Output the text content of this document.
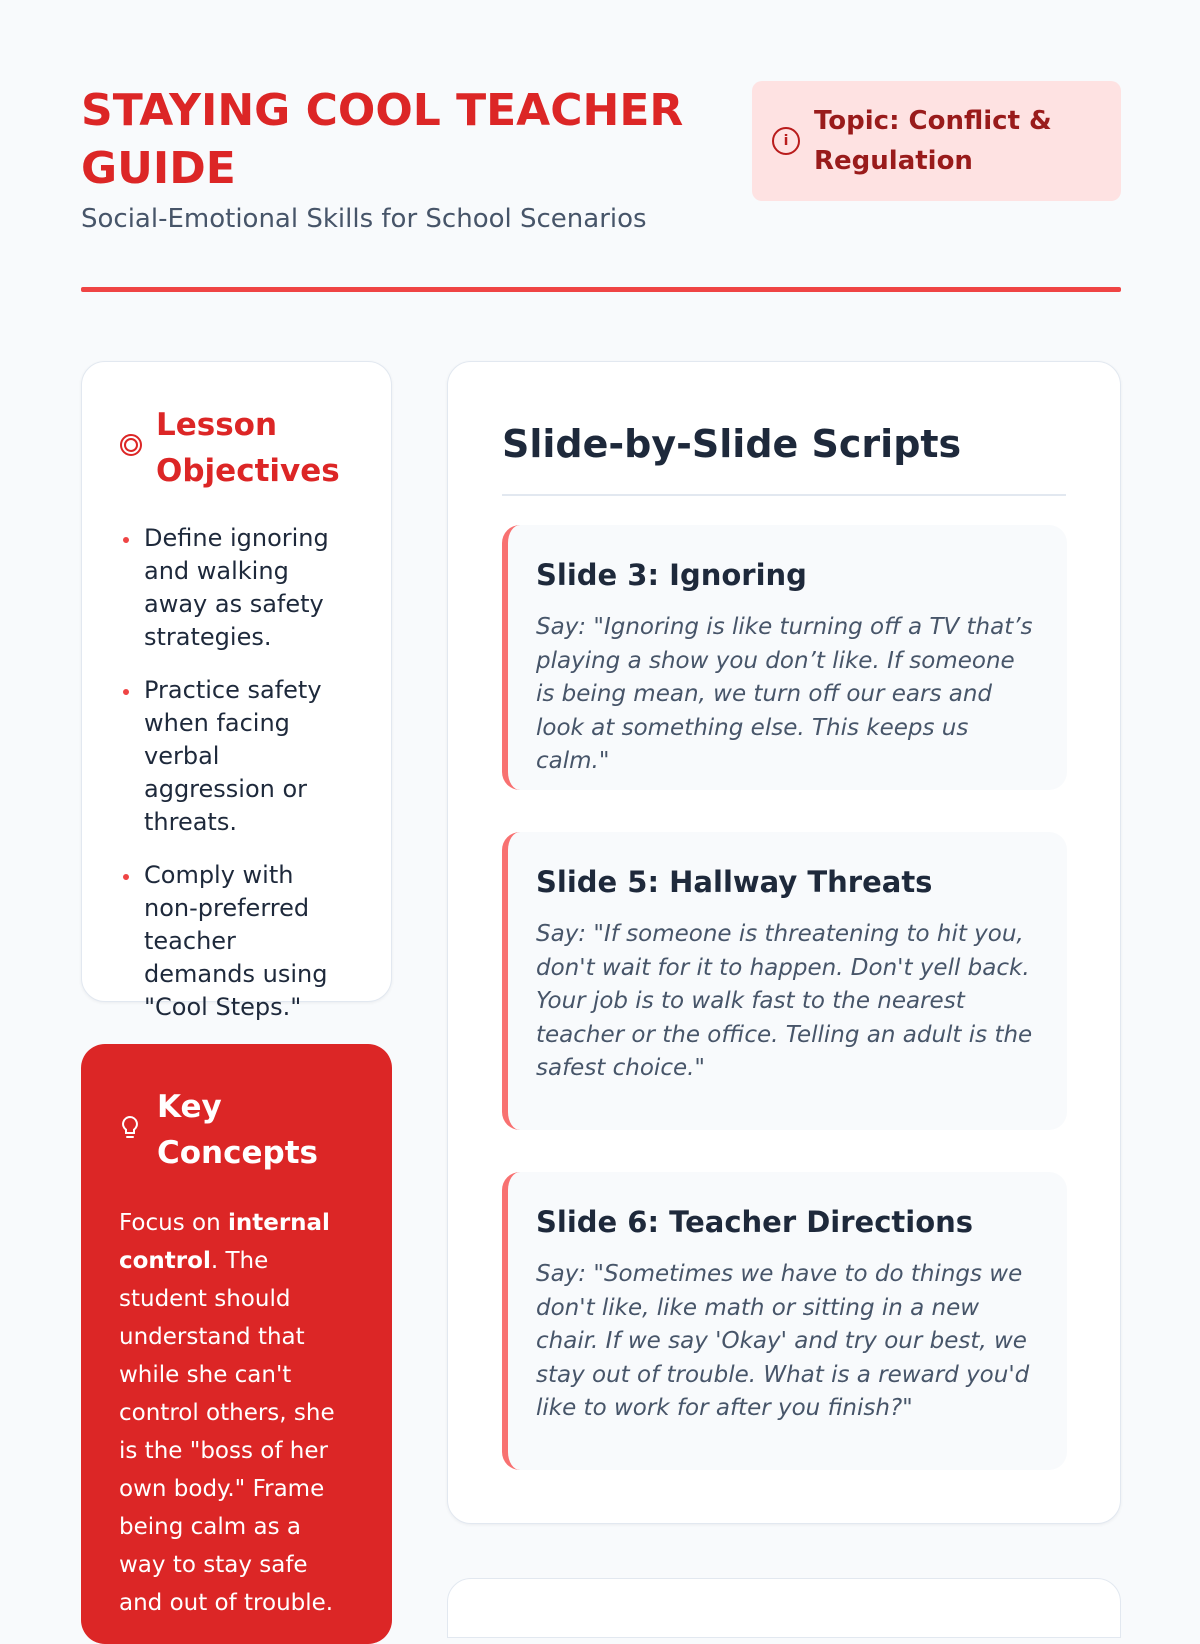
STAYING COOL TEACHER GUIDE
Social-Emotional Skills for School Scenarios
i
Topic: Conflict & Regulation
Lesson Objectives
Define ignoring and walking away as safety strategies.
Practice safety when facing verbal aggression or threats.
Comply with non-preferred teacher demands using "Cool Steps."
Key Concepts

Focus on internal control. The student should understand that while she can't control others, she is the "boss of her own body." Frame being calm as a way to stay safe and out of trouble.

Slide-by-Slide Scripts
Slide 3: Ignoring

Say: "Ignoring is like turning off a TV that’s playing a show you don’t like. If someone is being mean, we turn off our ears and look at something else. This keeps us calm."

Slide 5: Hallway Threats

Say: "If someone is threatening to hit you, don't wait for it to happen. Don't yell back. Your job is to walk fast to the nearest teacher or the office. Telling an adult is the safest choice."

Slide 6: Teacher Directions

Say: "Sometimes we have to do things we don't like, like math or sitting in a new chair. If we say 'Okay' and try our best, we stay out of trouble. What is a reward you'd like to work for after you finish?"
